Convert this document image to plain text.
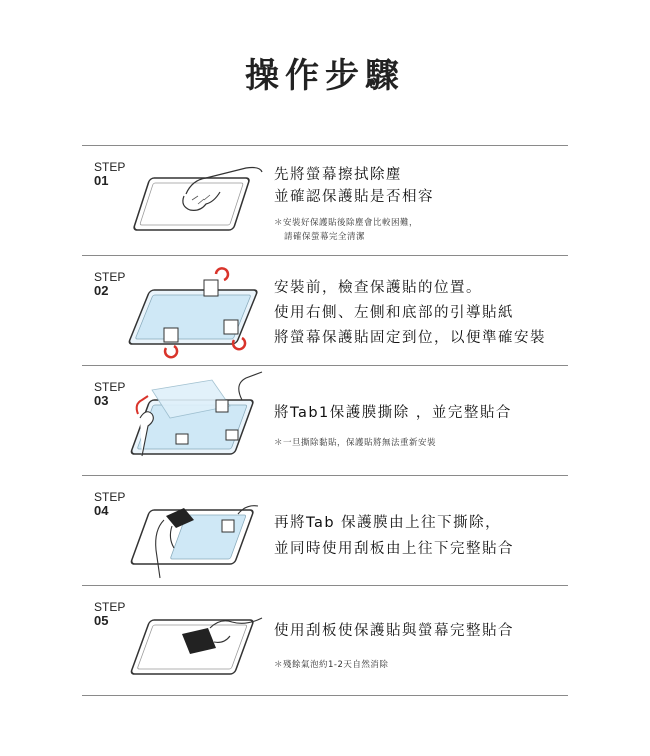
操作步驟
STEP
01	先將螢幕擦拭除塵
並確認保護貼是否相容
＊安裝好保護貼後除塵會比較困難，
請確保螢幕完全清潔
STEP
02	安裝前，檢查保護貼的位置。
使用右側、左側和底部的引導貼紙
將螢幕保護貼固定到位，以便準確安裝
STEP
03
將Tab1保護膜撕除 ，並完整貼合
＊一旦撕除黏貼，保護貼將無法重新安裝
STEP
04
再將Tab 保護膜由上往下撕除，
並同時使用刮板由上往下完整貼合
STEP
05
使用刮板使保護貼與螢幕完整貼合
＊殘餘氣泡約1-2天自然消除
